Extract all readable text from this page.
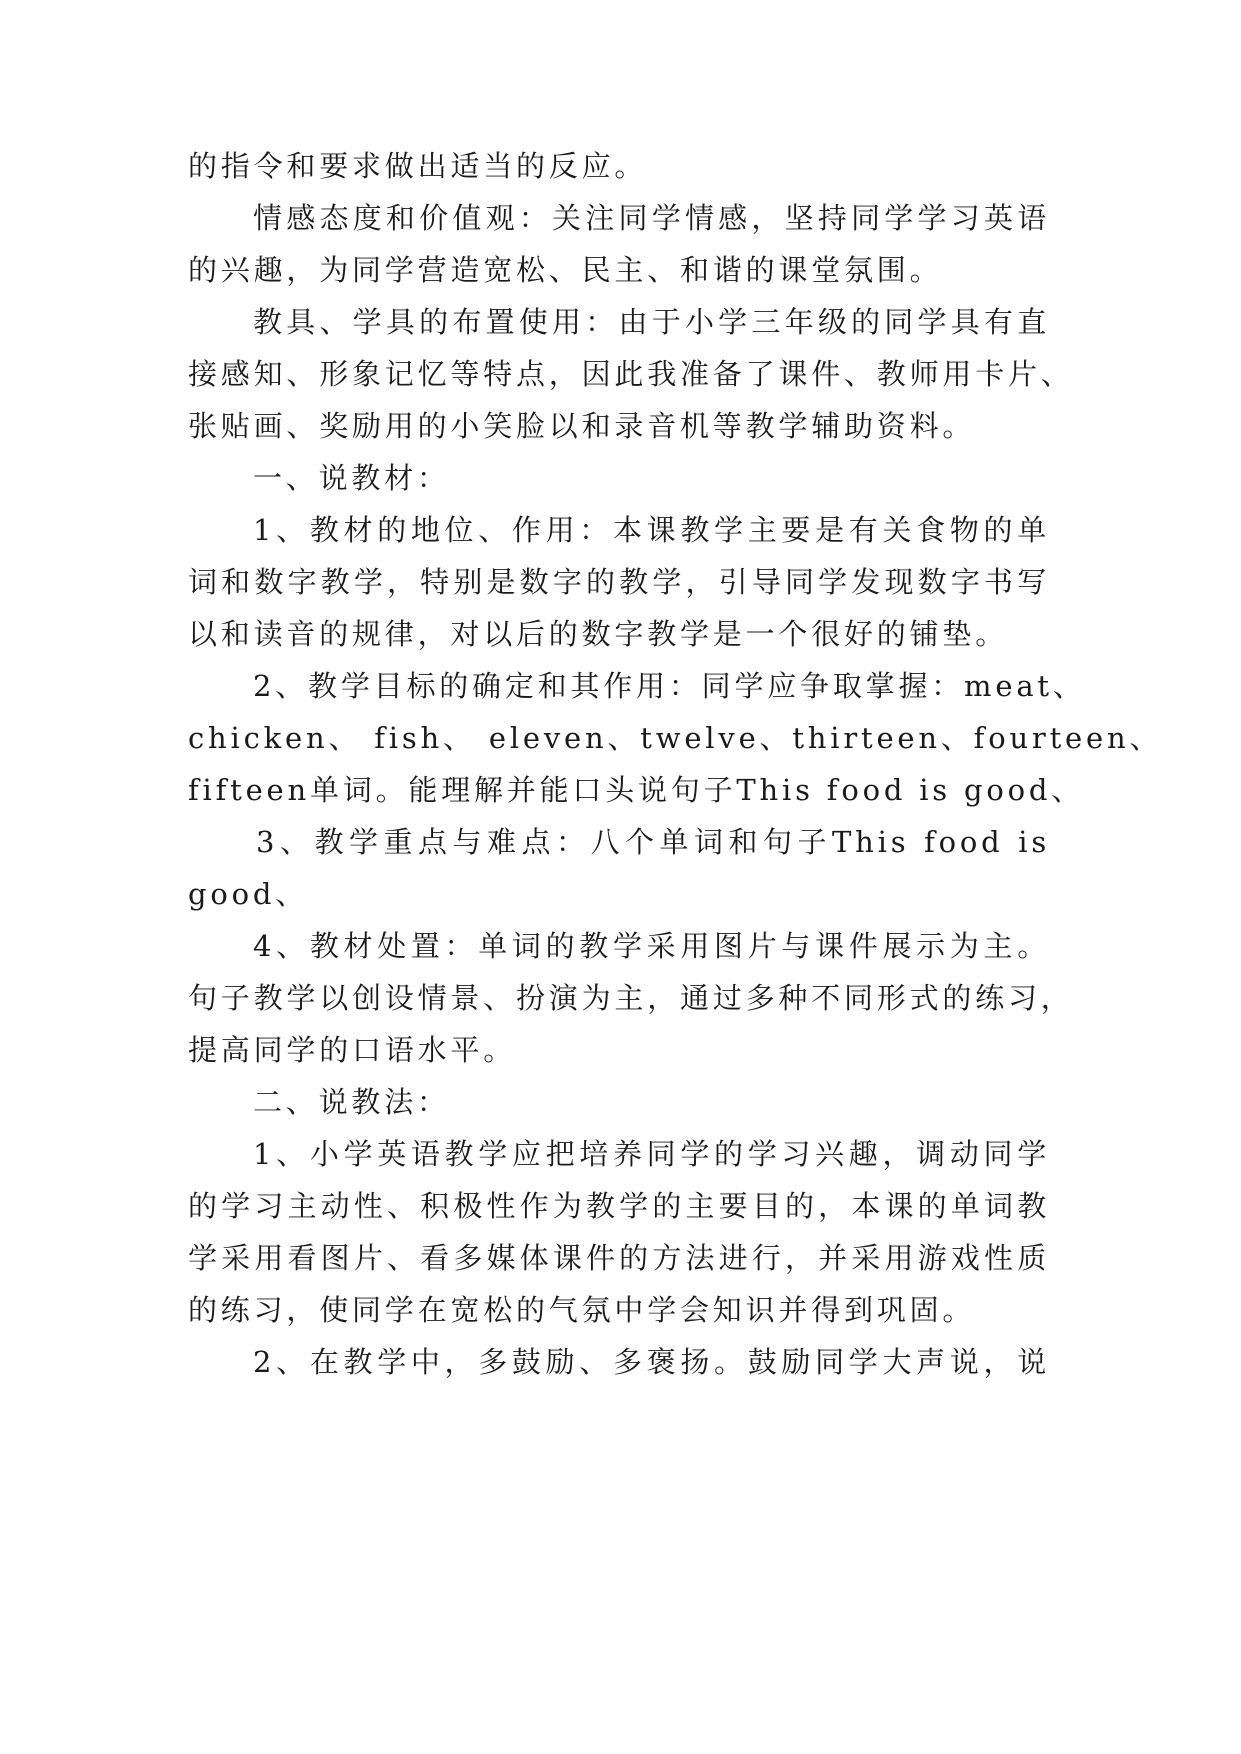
的指令和要求做出适当的反应。
情感态度和价值观：关注同学情感，坚持同学学习英语
的兴趣，为同学营造宽松、民主、和谐的课堂氛围。
教具、学具的布置使用：由于小学三年级的同学具有直
接感知、形象记忆等特点，因此我准备了课件、教师用卡片、
张贴画、奖励用的小笑脸以和录音机等教学辅助资料。
一、说教材：
1、教材的地位、作用：本课教学主要是有关食物的单
词和数字教学，特别是数字的教学，引导同学发现数字书写
以和读音的规律，对以后的数字教学是一个很好的铺垫。
2、教学目标的确定和其作用：同学应争取掌握：meat、
chicken、 fish、 eleven、twelve、thirteen、fourteen、
fifteen单词。能理解并能口头说句子This food is good、
3、教学重点与难点：八个单词和句子This food is
good、
4、教材处置：单词的教学采用图片与课件展示为主。
句子教学以创设情景、扮演为主，通过多种不同形式的练习，
提高同学的口语水平。
二、说教法：
1、小学英语教学应把培养同学的学习兴趣，调动同学
的学习主动性、积极性作为教学的主要目的，本课的单词教
学采用看图片、看多媒体课件的方法进行，并采用游戏性质
的练习，使同学在宽松的气氛中学会知识并得到巩固。
2、在教学中，多鼓励、多褒扬。鼓励同学大声说，说
